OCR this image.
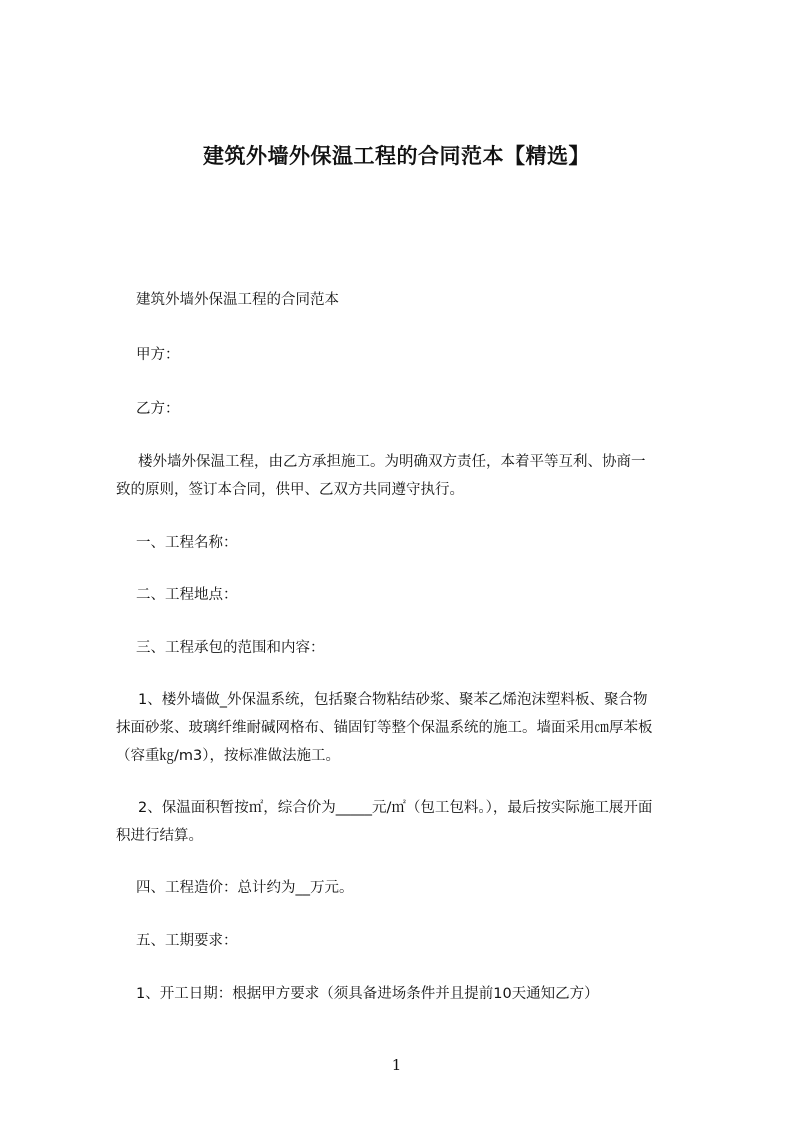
建筑外墙外保温工程的合同范本【精选】
建筑外墙外保温工程的合同范本
甲方：
乙方：
楼外墙外保温工程，由乙方承担施工。为明确双方责任，本着平等互利、协商一
致的原则，签订本合同，供甲、乙双方共同遵守执行。
一、工程名称：
二、工程地点：
三、工程承包的范围和内容：
1、楼外墙做_外保温系统，包括聚合物粘结砂浆、聚苯乙烯泡沫塑料板、聚合物
抹面砂浆、玻璃纤维耐碱网格布、锚固钉等整个保温系统的施工。墙面采用㎝厚苯板
（容重㎏/m3），按标准做法施工。
2、保温面积暂按㎡，综合价为_____元/㎡（包工包料。），最后按实际施工展开面
积进行结算。
四、工程造价：总计约为__万元。
五、工期要求：
1、开工日期：根据甲方要求（须具备进场条件并且提前10天通知乙方）
1
